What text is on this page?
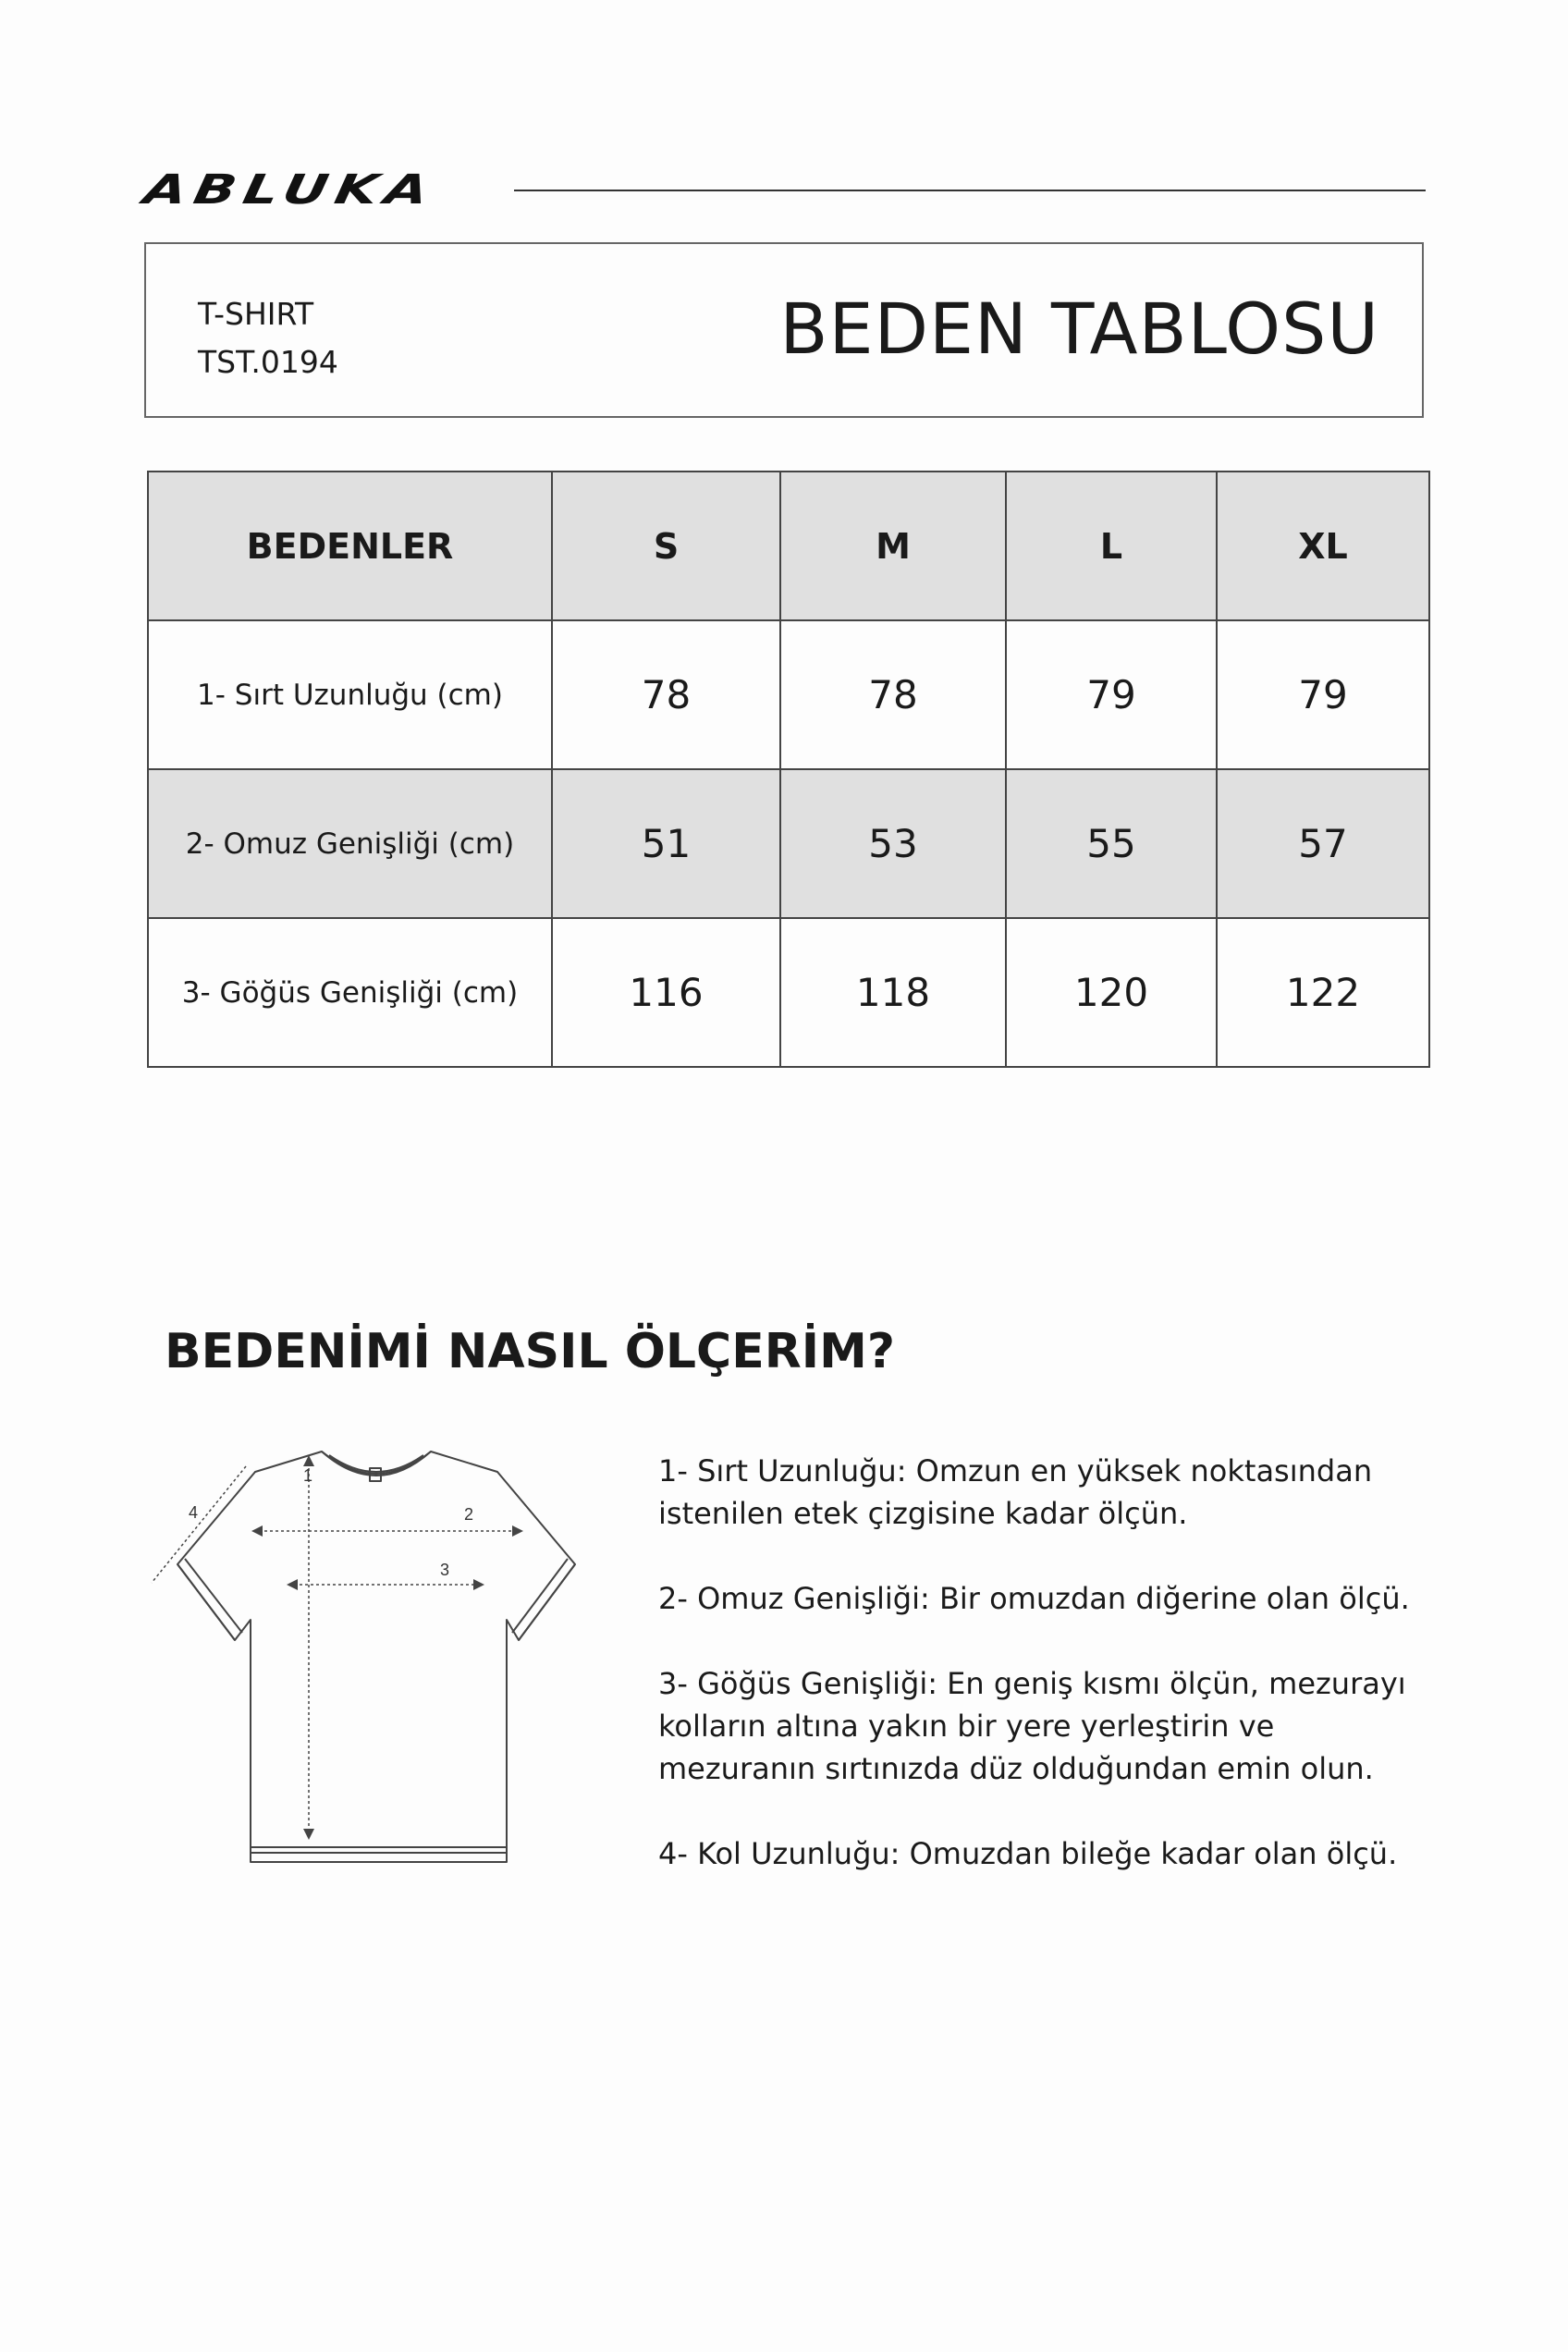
ABLUKA
T-SHIRT
TST.0194	BEDEN TABLOSU
BEDENLER	S	M	L	XL
1- Sırt Uzunluğu (cm)	78	78	79	79
2- Omuz Genişliği (cm)	51	53	55	57
3- Göğüs Genişliği (cm)	116	118	120	122
BEDENİMİ NASIL ÖLÇERİM?
1
2
3
4

1- Sırt Uzunluğu: Omzun en yüksek noktasından istenilen etek çizgisine kadar ölçün.

2- Omuz Genişliği: Bir omuzdan diğerine olan ölçü.

3- Göğüs Genişliği: En geniş kısmı ölçün, mezurayı kolların altına yakın bir yere yerleştirin ve mezuranın sırtınızda düz olduğundan emin olun.

4- Kol Uzunluğu: Omuzdan bileğe kadar olan ölçü.
